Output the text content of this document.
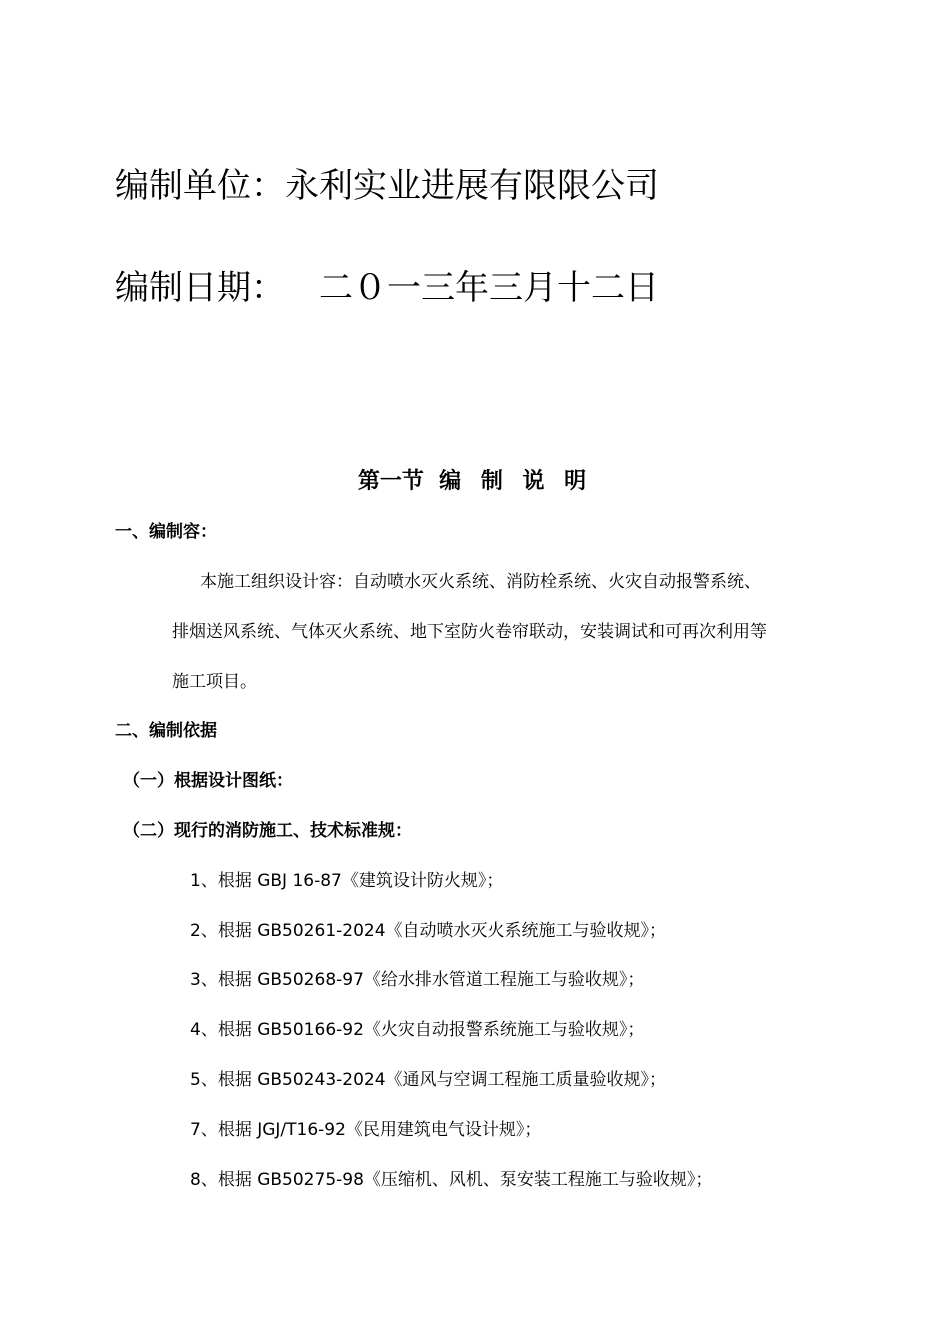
编制单位：永利实业进展有限限公司

编制日期： 二０一三年三月十二日

第一节 编 制 说 明
一、编制容：

本施工组织设计容：自动喷水灭火系统、消防栓系统、火灾自动报警系统、

排烟送风系统、气体灭火系统、地下室防火卷帘联动，安装调试和可再次利用等

施工项目。

二、编制依据
（一）根据设计图纸：
（二）现行的消防施工、技术标准规：

1、根据 GBJ 16-87《建筑设计防火规》；

2、根据 GB50261-2024《自动喷水灭火系统施工与验收规》；

3、根据 GB50268-97《给水排水管道工程施工与验收规》；

4、根据 GB50166-92《火灾自动报警系统施工与验收规》；

5、根据 GB50243-2024《通风与空调工程施工质量验收规》；

7、根据 JGJ/T16-92《民用建筑电气设计规》；

8、根据 GB50275-98《压缩机、风机、泵安装工程施工与验收规》；
